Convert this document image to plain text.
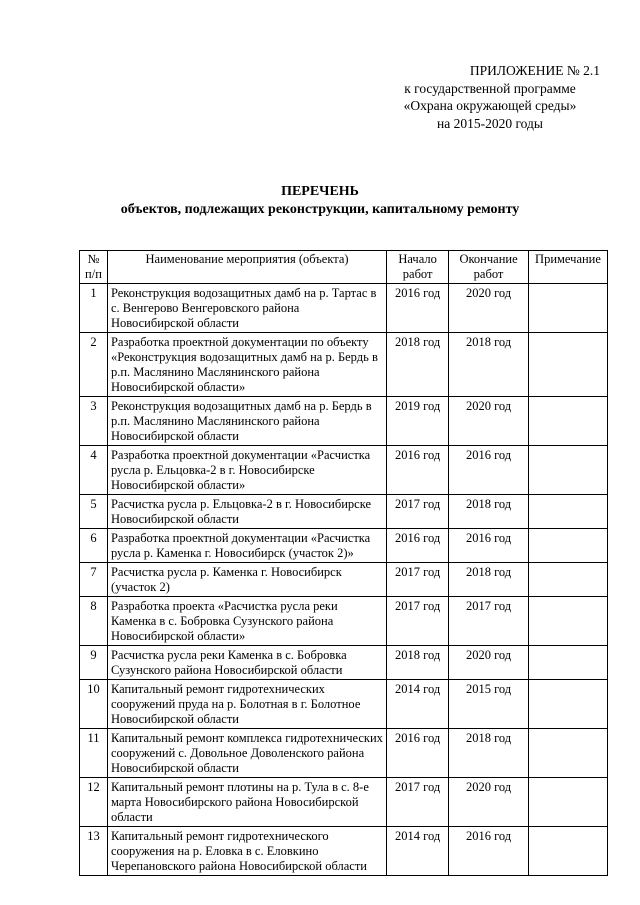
ПРИЛОЖЕНИЕ № 2.1
к государственной программе
«Охрана окружающей среды»
на 2015-2020 годы
ПЕРЕЧЕНЬ
объектов, подлежащих реконструкции, капитальному ремонту
№ п/п	Наименование мероприятия (объекта)	Начало работ	Окончание работ	Примечание
1	Реконструкция водозащитных дамб на р. Тартас в с. Венгерово Венгеровского района Новосибирской области	2016 год	2020 год	
2	Разработка проектной документации по объекту «Реконструкция водозащитных дамб на р. Бердь в р.п. Маслянино Маслянинского района Новосибирской области»	2018 год	2018 год	
3	Реконструкция водозащитных дамб на р. Бердь в р.п. Маслянино Маслянинского района Новосибирской области	2019 год	2020 год	
4	Разработка проектной документации «Расчистка русла р. Ельцовка-2 в г. Новосибирске Новосибирской области»	2016 год	2016 год	
5	Расчистка русла р. Ельцовка-2 в г. Новосибирске Новосибирской области	2017 год	2018 год	
6	Разработка проектной документации «Расчистка русла р. Каменка г. Новосибирск (участок 2)»	2016 год	2016 год	
7	Расчистка русла р. Каменка г. Новосибирск (участок 2)	2017 год	2018 год	
8	Разработка проекта «Расчистка русла реки Каменка в с. Бобровка Сузунского района Новосибирской области»	2017 год	2017 год	
9	Расчистка русла реки Каменка в с. Бобровка Сузунского района Новосибирской области	2018 год	2020 год	
10	Капитальный ремонт гидротехнических сооружений пруда на р. Болотная в г. Болотное Новосибирской области	2014 год	2015 год	
11	Капитальный ремонт комплекса гидротехнических сооружений с. Довольное Доволенского района Новосибирской области	2016 год	2018 год	
12	Капитальный ремонт плотины на р. Тула в с. 8-е марта Новосибирского района Новосибирской области	2017 год	2020 год	
13	Капитальный ремонт гидротехнического сооружения на р. Еловка в с. Еловкино Черепановского района Новосибирской области	2014 год	2016 год	
